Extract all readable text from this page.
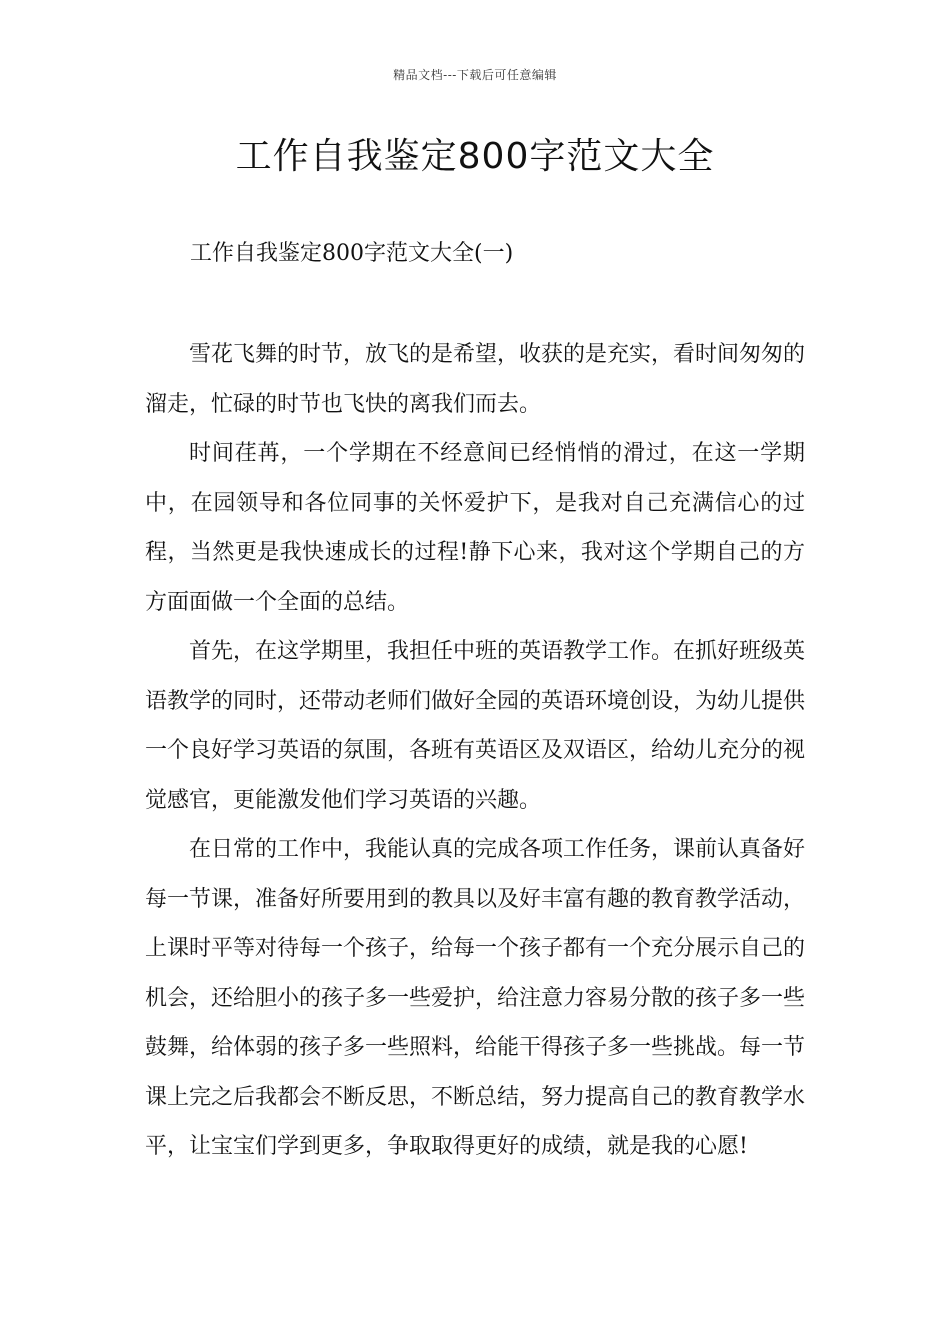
精品文档---下载后可任意编辑
工作自我鉴定800字范文大全
工作自我鉴定800字范文大全(一)

雪花飞舞的时节，放飞的是希望，收获的是充实，看时间匆匆的溜走，忙碌的时节也飞快的离我们而去。

时间荏苒，一个学期在不经意间已经悄悄的滑过，在这一学期中，在园领导和各位同事的关怀爱护下，是我对自己充满信心的过程，当然更是我快速成长的过程!静下心来，我对这个学期自己的方方面面做一个全面的总结。

首先，在这学期里，我担任中班的英语教学工作。在抓好班级英语教学的同时，还带动老师们做好全园的英语环境创设，为幼儿提供一个良好学习英语的氛围，各班有英语区及双语区，给幼儿充分的视觉感官，更能激发他们学习英语的兴趣。

在日常的工作中，我能认真的完成各项工作任务，课前认真备好每一节课，准备好所要用到的教具以及好丰富有趣的教育教学活动，上课时平等对待每一个孩子，给每一个孩子都有一个充分展示自己的机会，还给胆小的孩子多一些爱护，给注意力容易分散的孩子多一些鼓舞，给体弱的孩子多一些照料，给能干得孩子多一些挑战。每一节课上完之后我都会不断反思，不断总结，努力提高自己的教育教学水平，让宝宝们学到更多，争取取得更好的成绩，就是我的心愿!
